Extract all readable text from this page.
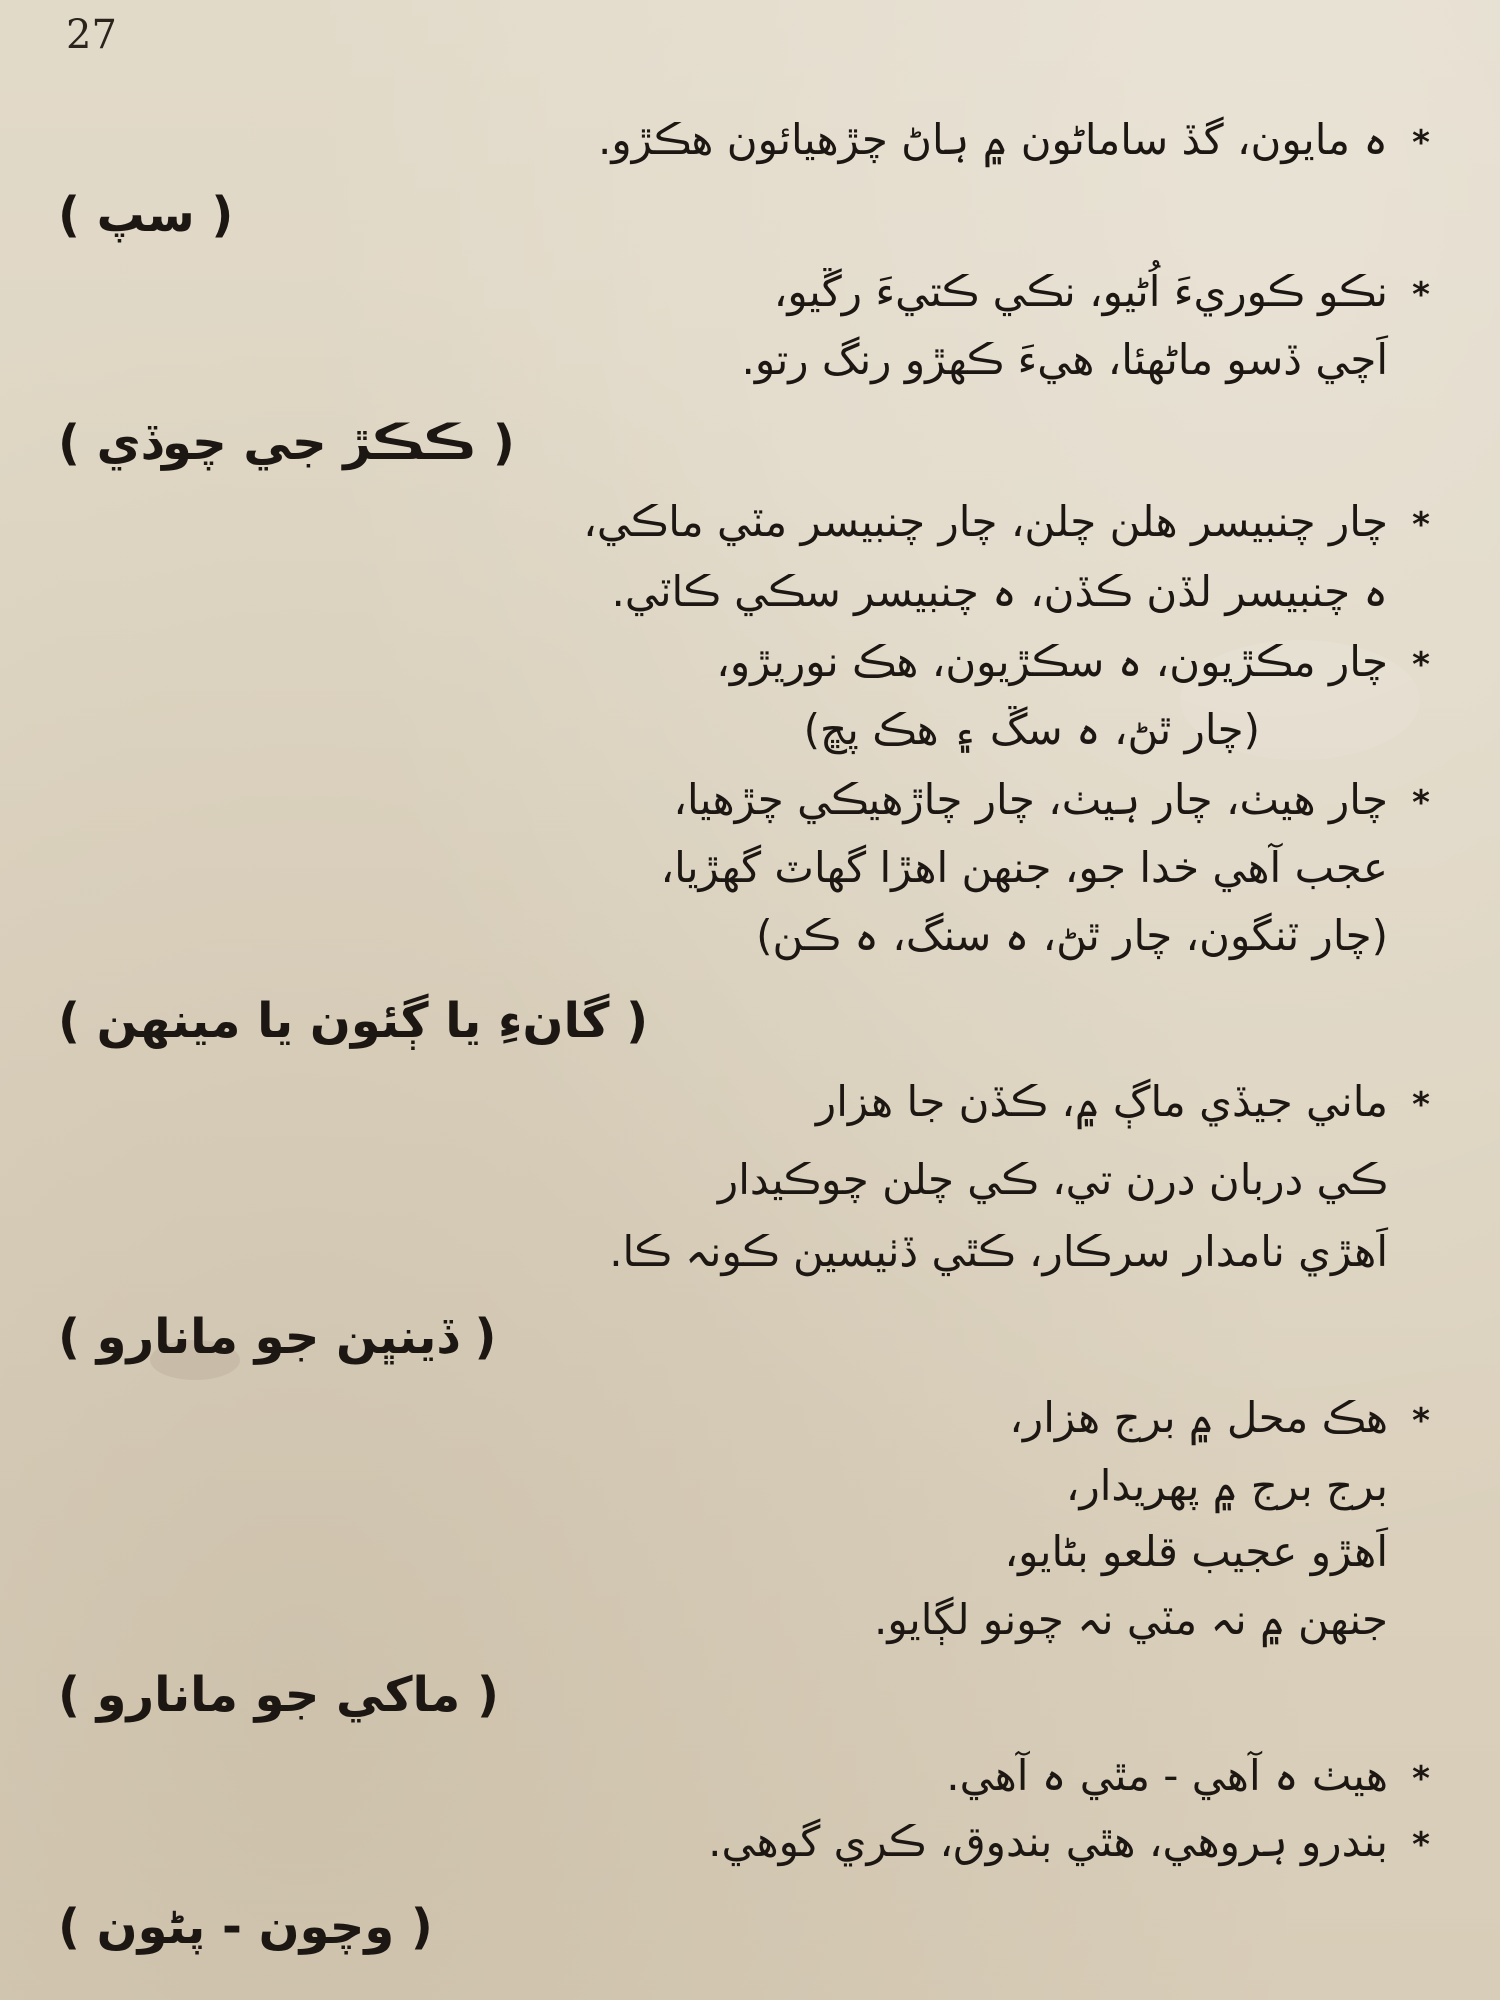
27
*ہ مايون، گڏ ساماڻون ۾ ہاڻ چڙھيائون ھڪڙو.
( سپ )
*نڪو ڪوريءَ اُڻيو، نڪي ڪتيءَ رڱيو،
اَچي ڏسو ماڻھئا، ھيءَ ڪھڙو رنگ رتو.
( ڪڪڙ جي چوڏي )
*چار چنبيسر ھلن چلن، چار چنبيسر مٽي ماڪي،
ہ چنبيسر لڏن ڪڏن، ہ چنبيسر سڪي ڪاٽي.
*چار مڪڙيون، ہ سڪڙيون، ھڪ نوريڙو،
(چار ٿڻ، ہ سڱ ۽ ھڪ پڇ)
*چار ھيٺ، چار ہيٺ، چار چاڙھيڪي چڙھيا،
عجب آھي خدا جو، جنھن اھڙا گھاٽ گھڙيا،
(چار ٽنگون، چار ٿڻ، ہ سنگ، ہ ڪن)
( گانءِ يا ڳئون يا مينھن )
*ماني جيڏي ماڳ ۾، ڪڏن جا ھزار
ڪي دربان درن تي، ڪي چلن چوڪيدار
اَھڙي نامدار سرڪار، ڪٿي ڏٺيسين ڪونہ ڪا.
( ڏينڀن جو مانارو )
*ھڪ محل ۾ برج ھزار،
برج برج ۾ پھريدار،
اَھڙو عجيب قلعو بڻايو،
جنھن ۾ نہ مٽي نہ چونو لڳايو.
( ماکي جو مانارو )
*ھيٺ ہ آھي - مٿي ہ آھي.
*بندرو ہروھي، ھٿي بندوق، ڪري گوھي.
( وچون - پڻون )
